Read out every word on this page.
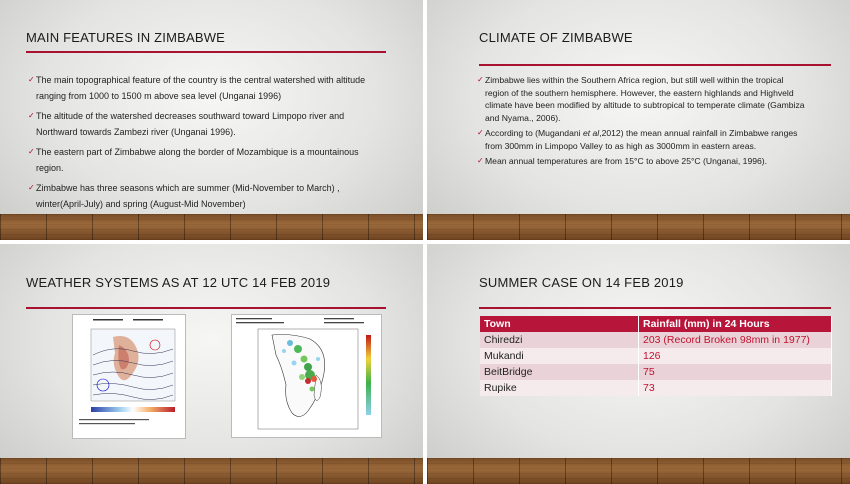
MAIN FEATURES IN ZIMBABWE
✓ The main topographical feature of the country is the central watershed with altitude ranging from 1000 to 1500 m above sea level (Unganai 1996)
✓ The altitude of the watershed decreases southward toward Limpopo river and Northward towards Zambezi river (Unganai 1996).
✓ The eastern part of Zimbabwe along the border of Mozambique is a mountainous region.
✓ Zimbabwe has three seasons which are summer (Mid-November to March) , winter(April-July) and spring (August-Mid November)
CLIMATE OF ZIMBABWE
✓ Zimbabwe lies within the Southern Africa region, but still well within the tropical region of the southern hemisphere. However, the eastern highlands and Highveld climate have been modified by altitude to subtropical to temperate climate (Gambiza and Nyama., 2006).
✓ According to (Mugandani et al,2012) the mean annual rainfall in Zimbabwe ranges from 300mm in Limpopo Valley to as high as 3000mm in eastern areas.
✓ Mean annual temperatures are from 15°C to above 25°C (Unganai, 1996).
WEATHER SYSTEMS AS AT 12 UTC 14 FEB 2019	SUMMER CASE ON 14 FEB 2019
Town	Rainfall (mm) in 24 Hours
Chiredzi	203 (Record Broken 98mm in 1977)
Mukandi	126
BeitBridge	75
Rupike	73
